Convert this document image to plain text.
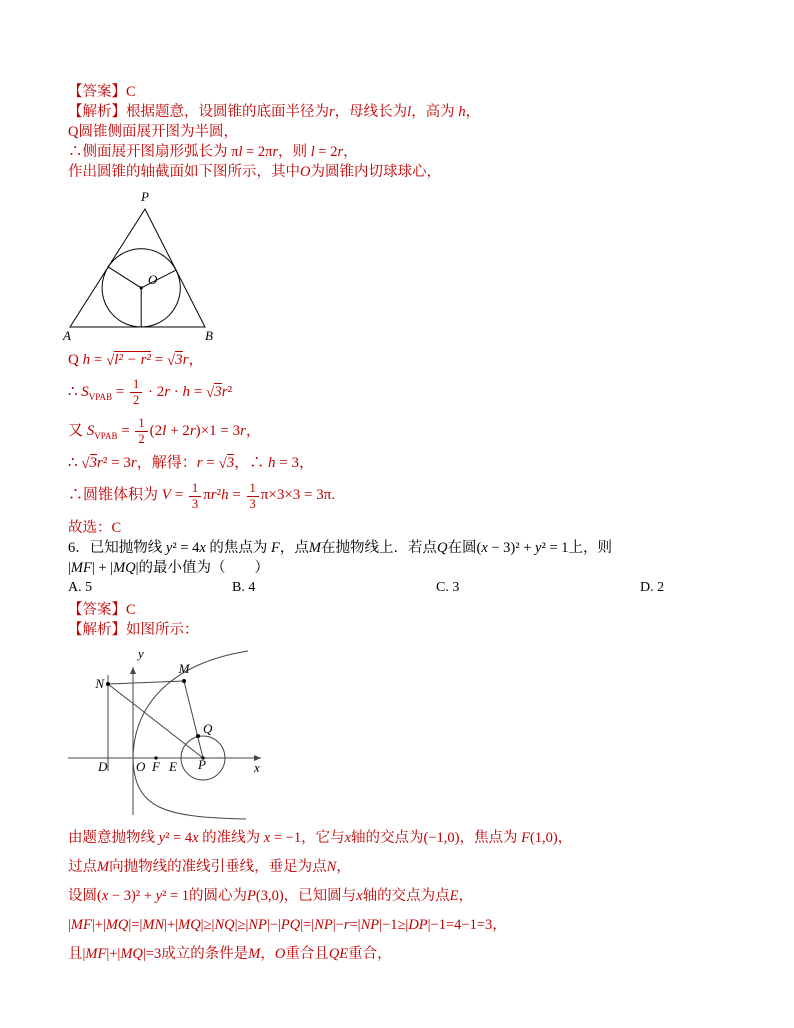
【答案】C

【解析】根据题意，设圆锥的底面半径为r，母线长为l，高为 h，

Q圆锥侧面展开图为半圆，

∴侧面展开图扇形弧长为 πl = 2πr，则 l = 2r，

作出圆锥的轴截面如下图所示，其中O为圆锥内切球球心，

P
O
A	B

Q h = √l² − r² = √3r，

∴ $S_{VPAB} = \frac{1}{2} \cdot 2r \cdot h = √3r^2$

又 $S_{VPAB} = \frac{1}{2} (2l + 2r)\times 1 = 3r$，

∴ √3r² = 3r，解得：r = √3，∴ h = 3，

∴圆锥体积为 $V = \frac{1}{3} \pi r^2h = \frac{1}{3} \pi\times 3\times 3 = 3\pi$.

故选：C

6．已知抛物线 y² = 4x 的焦点为 F，点M在抛物线上．若点Q在圆(x − 3)² + y² = 1上，则

|MF| + |MQ|的最小值为（　　）

A. 5	B. 4	C. 3	D. 2

【答案】C

【解析】如图所示：

y
x
N
M
Q
D O F E P

由题意抛物线 y² = 4x 的准线为 x = −1，它与x轴的交点为(−1,0)，焦点为 F(1,0)，

过点M向抛物线的准线引垂线，垂足为点N，

设圆(x − 3)² + y² = 1的圆心为P(3,0)，已知圆与x轴的交点为点E，

|MF|+|MQ|=|MN|+|MQ|≥|NQ|≥|NP|−|PQ|=|NP|−r=|NP|−1≥|DP|−1=4−1=3，

且|MF|+|MQ|=3成立的条件是M，O重合且QE重合，
